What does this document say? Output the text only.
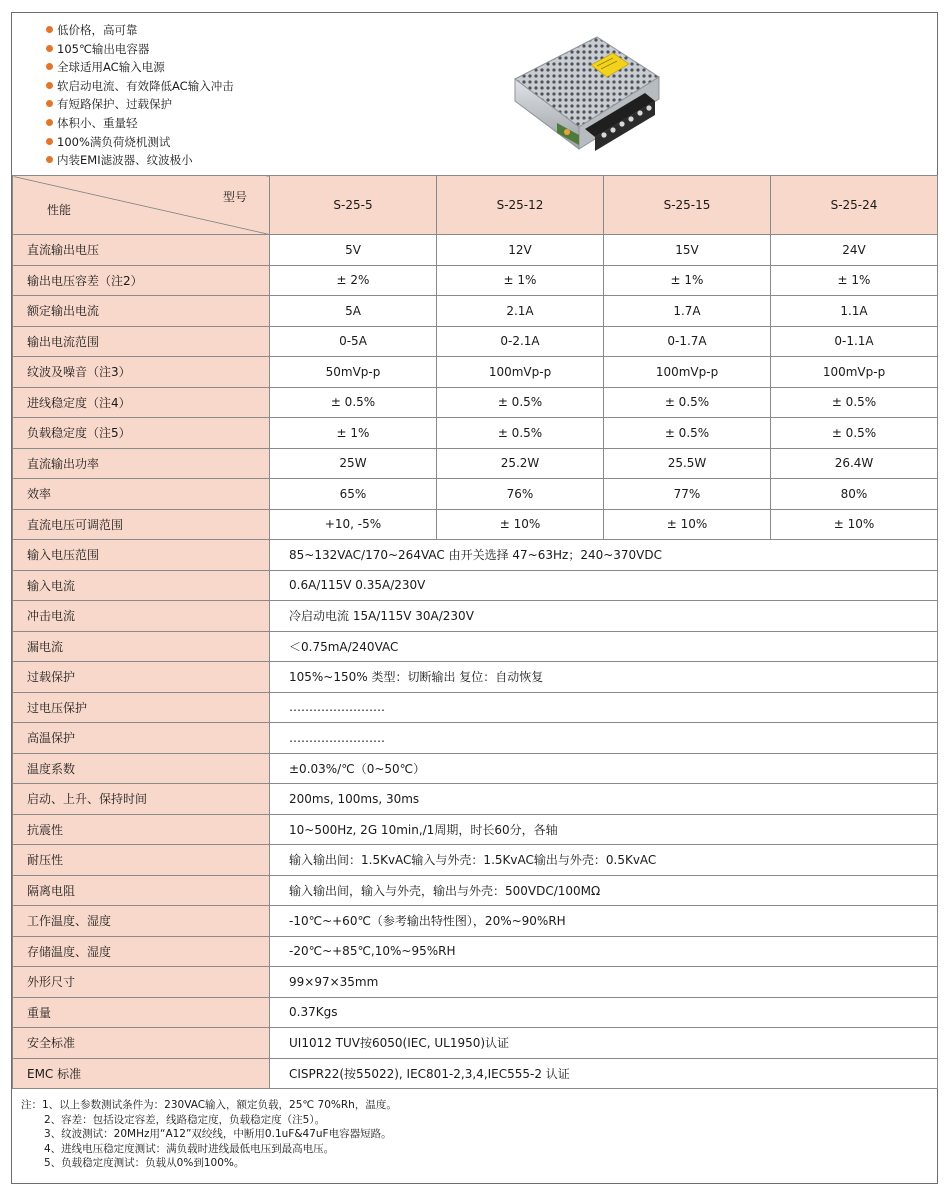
低价格，高可靠
105℃输出电容器
全球适用AC输入电源
软启动电流、有效降低AC输入冲击
有短路保护、过载保护
体积小、重量轻
100%满负荷烧机测试
内装EMI滤波器、纹波极小
型号
性能	S-25-5	S-25-12	S-25-15	S-25-24
直流输出电压	5V	12V	15V	24V
输出电压容差（注2）	± 2%	± 1%	± 1%	± 1%
额定输出电流	5A	2.1A	1.7A	1.1A
输出电流范围	0-5A	0-2.1A	0-1.7A	0-1.1A
纹波及噪音（注3）	50mVp-p	100mVp-p	100mVp-p	100mVp-p
进线稳定度（注4）	± 0.5%	± 0.5%	± 0.5%	± 0.5%
负载稳定度（注5）	± 1%	± 0.5%	± 0.5%	± 0.5%
直流输出功率	25W	25.2W	25.5W	26.4W
效率	65%	76%	77%	80%
直流电压可调范围	+10, -5%	± 10%	± 10%	± 10%
输入电压范围	85~132VAC/170~264VAC 由开关选择 47~63Hz；240~370VDC			
输入电流	0.6A/115V 0.35A/230V			
冲击电流	冷启动电流 15A/115V 30A/230V			
漏电流	＜0.75mA/240VAC			
过载保护	105%~150% 类型：切断输出 复位：自动恢复			
过电压保护	……………………			
高温保护	……………………			
温度系数	±0.03%/℃（0~50℃）			
启动、上升、保持时间	200ms, 100ms, 30ms			
抗震性	10~500Hz, 2G 10min,/1周期，时长60分，各轴			
耐压性	输入输出间：1.5KvAC输入与外壳：1.5KvAC输出与外壳：0.5KvAC			
隔离电阻	输入输出间，输入与外壳，输出与外壳：500VDC/100MΩ			
工作温度、湿度	-10℃~+60℃（参考输出特性图），20%~90%RH			
存储温度、湿度	-20℃~+85℃,10%~95%RH			
外形尺寸	99×97×35mm			
重量	0.37Kgs			
安全标准	UI1012 TUV按6050(IEC, UL1950)认证			
EMC 标准	CISPR22(按55022), IEC801-2,3,4,IEC555-2 认证			
注：1、以上参数测试条件为：230VAC输入，额定负载，25℃ 70%Rh，温度。
2、容差：包括设定容差，线路稳定度，负载稳定度（注5）。
3、纹波测试：20MHz用“A12”双绞线，中断用0.1uF&47uF电容器短路。
4、进线电压稳定度测试：满负载时进线最低电压到最高电压。
5、负载稳定度测试：负载从0%到100%。
